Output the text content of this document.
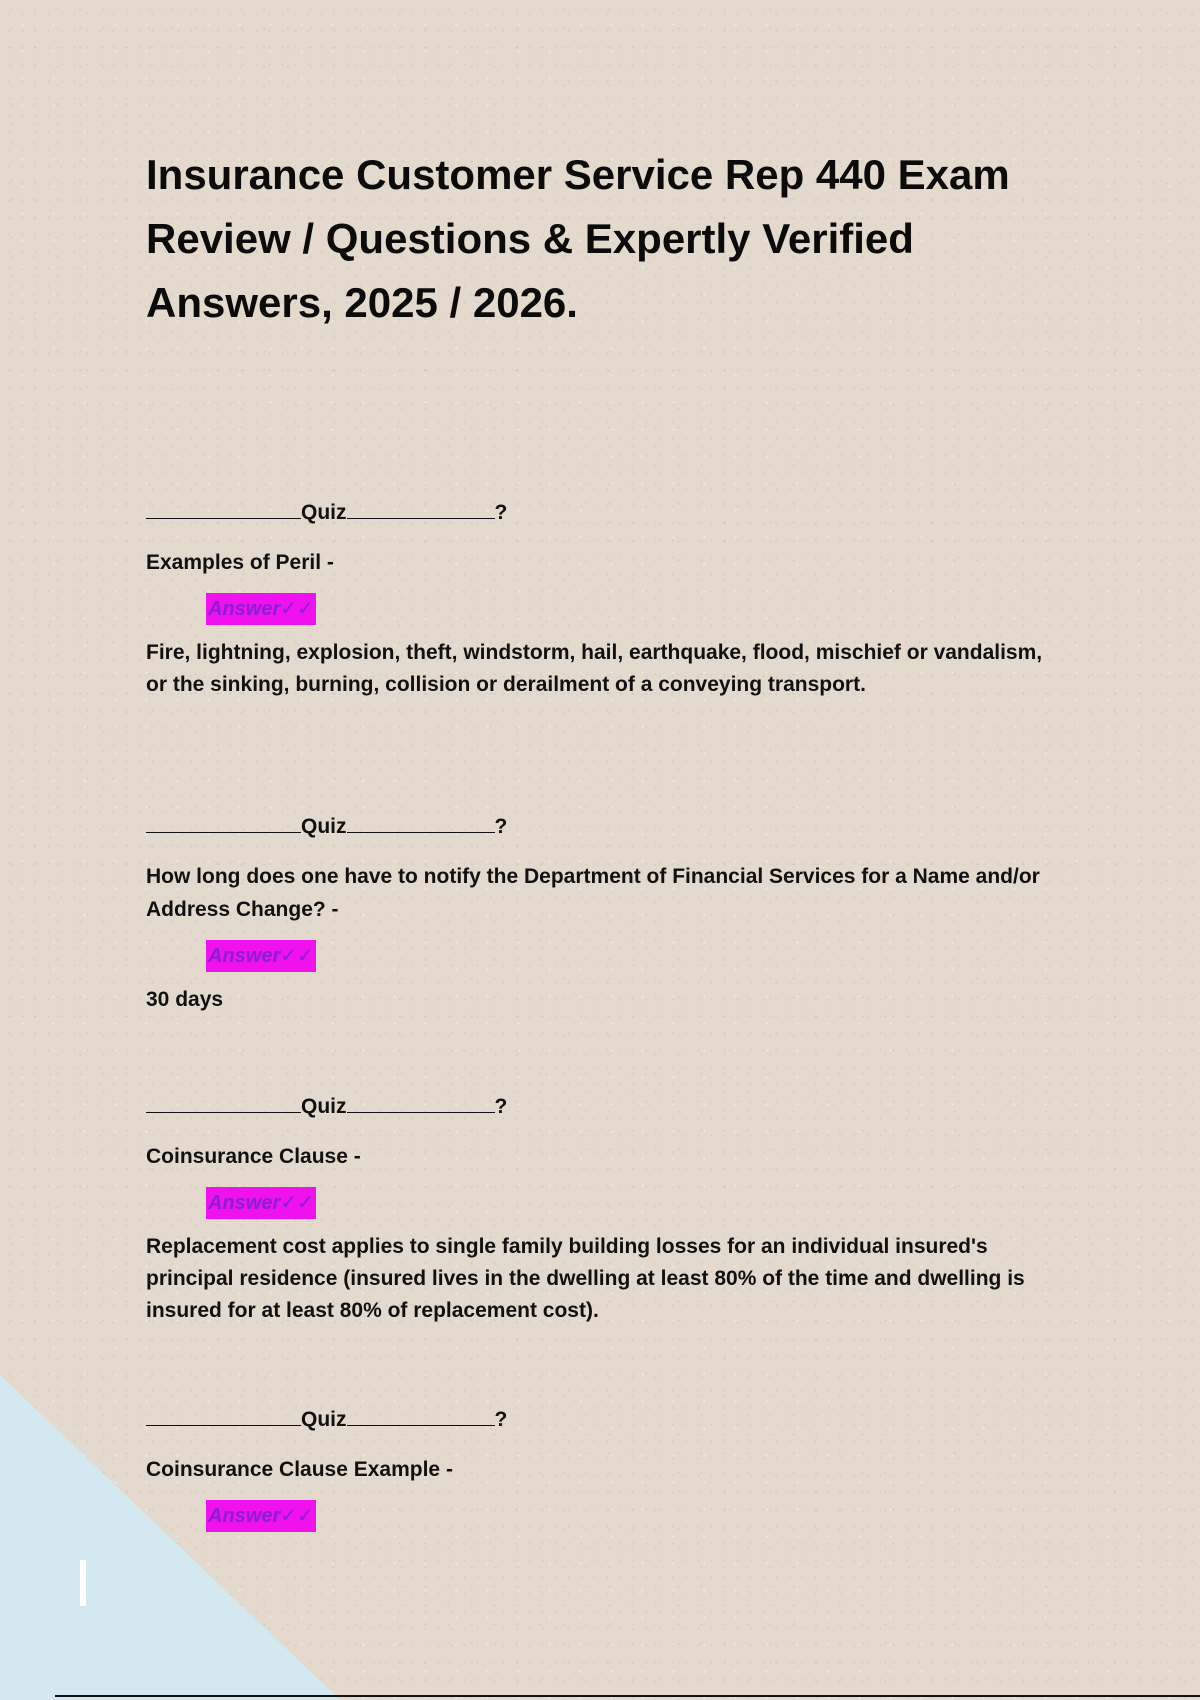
Insurance Customer Service Rep 440 Exam Review / Questions & Expertly Verified Answers, 2025 / 2026.
Quiz	?
Examples of Peril -
Answer✓✓
Fire, lightning, explosion, theft, windstorm, hail, earthquake, flood, mischief or vandalism, or the sinking, burning, collision or derailment of a conveying transport.
Quiz	?
How long does one have to notify the Department of Financial Services for a Name and/or Address Change? -
Answer✓✓
30 days
Quiz	?
Coinsurance Clause -
Answer✓✓
Replacement cost applies to single family building losses for an individual insured's principal residence (insured lives in the dwelling at least 80% of the time and dwelling is insured for at least 80% of replacement cost).
Quiz	?
Coinsurance Clause Example -
Answer✓✓
